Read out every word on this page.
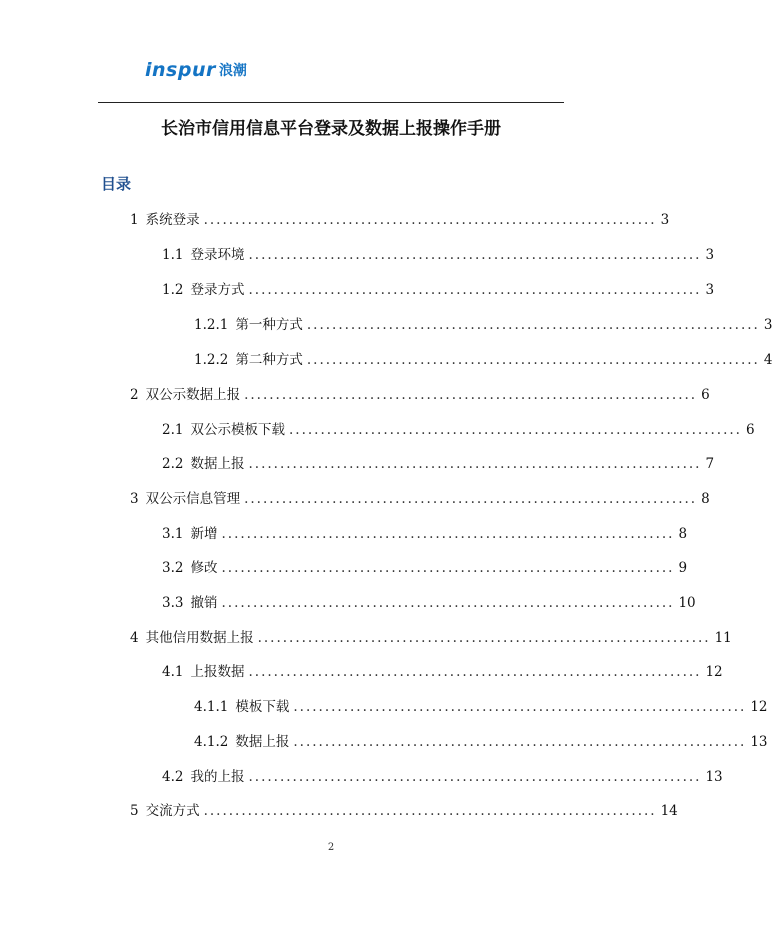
inspur 浪潮
长治市信用信息平台登录及数据上报操作手册
目录
1 系统登录 ........................................................................ 3
1.1 登录环境 ........................................................................ 3
1.2 登录方式 ........................................................................ 3
1.2.1 第一种方式 ........................................................................ 3
1.2.2 第二种方式 ........................................................................ 4
2 双公示数据上报 ........................................................................ 6
2.1 双公示模板下载 ........................................................................ 6
2.2 数据上报 ........................................................................ 7
3 双公示信息管理 ........................................................................ 8
3.1 新增 ........................................................................ 8
3.2 修改 ........................................................................ 9
3.3 撤销 ........................................................................ 10
4 其他信用数据上报 ........................................................................ 11
4.1 上报数据 ........................................................................ 12
4.1.1 模板下载 ........................................................................ 12
4.1.2 数据上报 ........................................................................ 13
4.2 我的上报 ........................................................................ 13
5 交流方式 ........................................................................ 14
2
